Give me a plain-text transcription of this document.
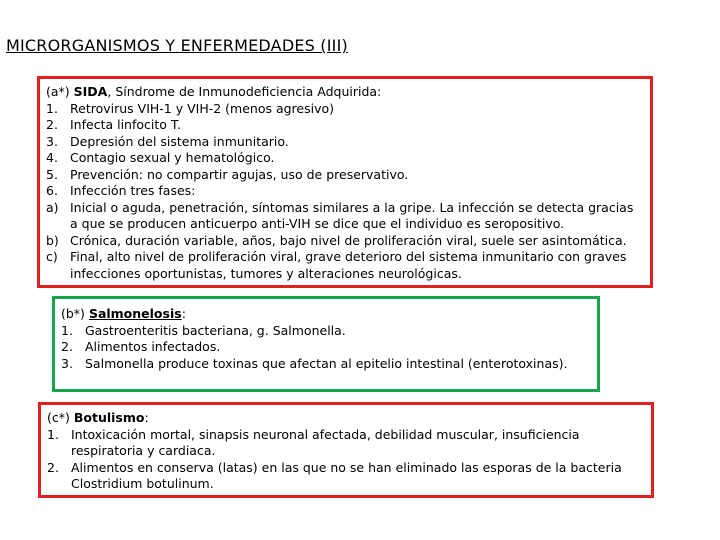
MICRORGANISMOS Y ENFERMEDADES (III)
(a*) SIDA, Síndrome de Inmunodeficiencia Adquirida:
1. Retrovirus VIH-1 y VIH-2 (menos agresivo)
2. Infecta linfocito T.
3. Depresión del sistema inmunitario.
4. Contagio sexual y hematológico.
5. Prevención: no compartir agujas, uso de preservativo.
6. Infección tres fases:
a) Inicial o aguda, penetración, síntomas similares a la gripe. La infección se detecta gracias a que se producen anticuerpo anti-VIH se dice que el individuo es seropositivo.
b) Crónica, duración variable, años, bajo nivel de proliferación viral, suele ser asintomática.
c) Final, alto nivel de proliferación viral, grave deterioro del sistema inmunitario con graves infecciones oportunistas, tumores y alteraciones neurológicas.
(b*) Salmonelosis:
1. Gastroenteritis bacteriana, g. Salmonella.
2. Alimentos infectados.
3. Salmonella produce toxinas que afectan al epitelio intestinal (enterotoxinas).
(c*) Botulismo:
1. Intoxicación mortal, sinapsis neuronal afectada, debilidad muscular, insuficiencia respiratoria y cardiaca.
2. Alimentos en conserva (latas) en las que no se han eliminado las esporas de la bacteria Clostridium botulinum.
